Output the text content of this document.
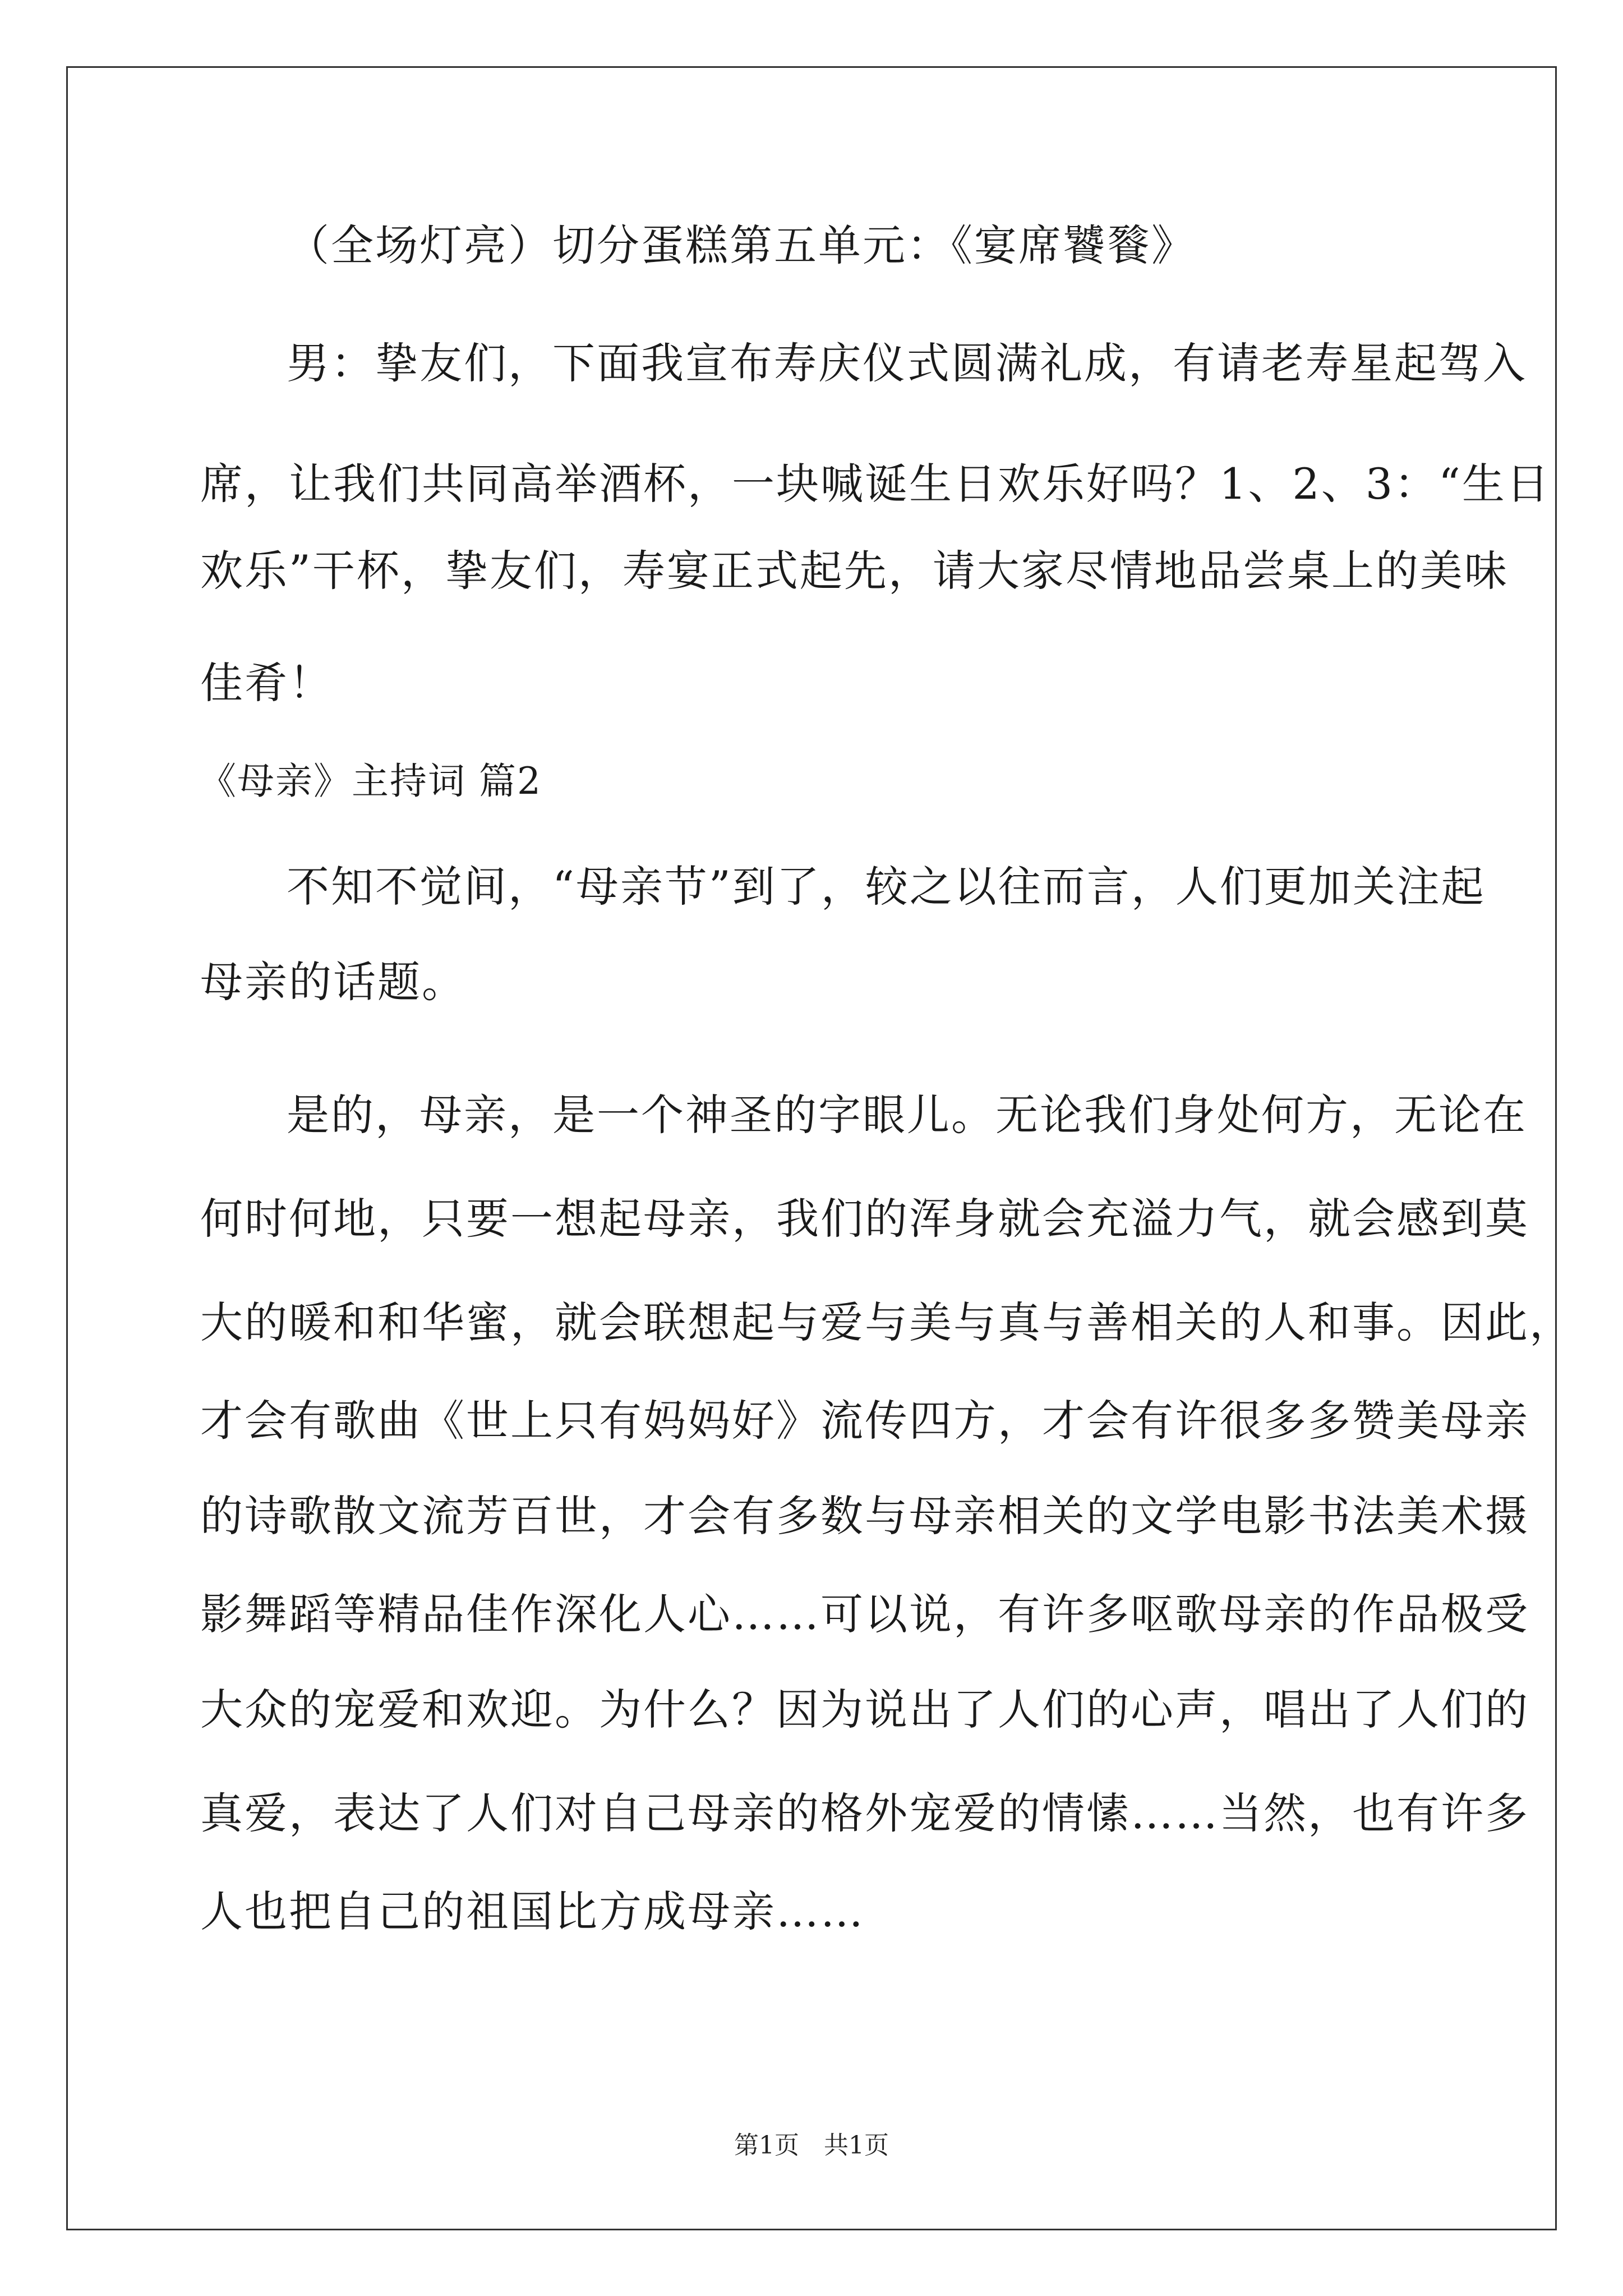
（全场灯亮）切分蛋糕第五单元：《宴席饕餮》
男：挚友们，下面我宣布寿庆仪式圆满礼成，有请老寿星起驾入
席，让我们共同高举酒杯，一块喊诞生日欢乐好吗？1、2、3：“生日
欢乐”干杯，挚友们，寿宴正式起先，请大家尽情地品尝桌上的美味
佳肴！
《母亲》主持词 篇2
不知不觉间，“母亲节”到了，较之以往而言，人们更加关注起
母亲的话题。
是的，母亲，是一个神圣的字眼儿。无论我们身处何方，无论在
何时何地，只要一想起母亲，我们的浑身就会充溢力气，就会感到莫
大的暖和和华蜜，就会联想起与爱与美与真与善相关的人和事。因此，
才会有歌曲《世上只有妈妈好》流传四方，才会有许很多多赞美母亲
的诗歌散文流芳百世，才会有多数与母亲相关的文学电影书法美术摄
影舞蹈等精品佳作深化人心……可以说，有许多呕歌母亲的作品极受
大众的宠爱和欢迎。为什么？因为说出了人们的心声，唱出了人们的
真爱，表达了人们对自己母亲的格外宠爱的情愫……当然，也有许多
人也把自己的祖国比方成母亲……
第1页　共1页
